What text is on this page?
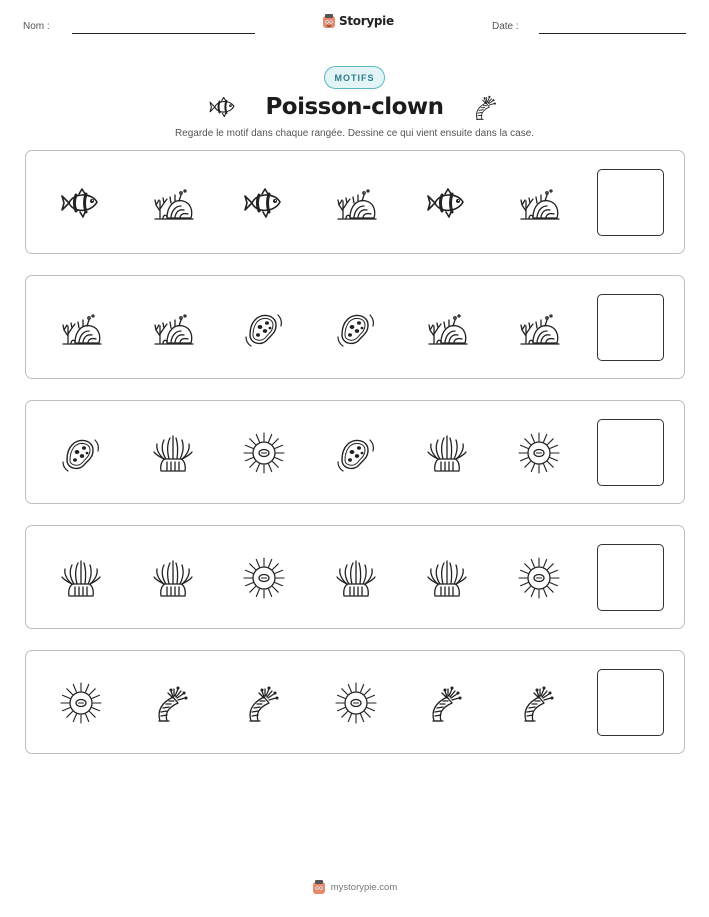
Nom :	Storypie	Date :
MOTIFS
Poisson-clown
Regarde le motif dans chaque rangée. Dessine ce qui vient ensuite dans la case.
mystorypie.com
